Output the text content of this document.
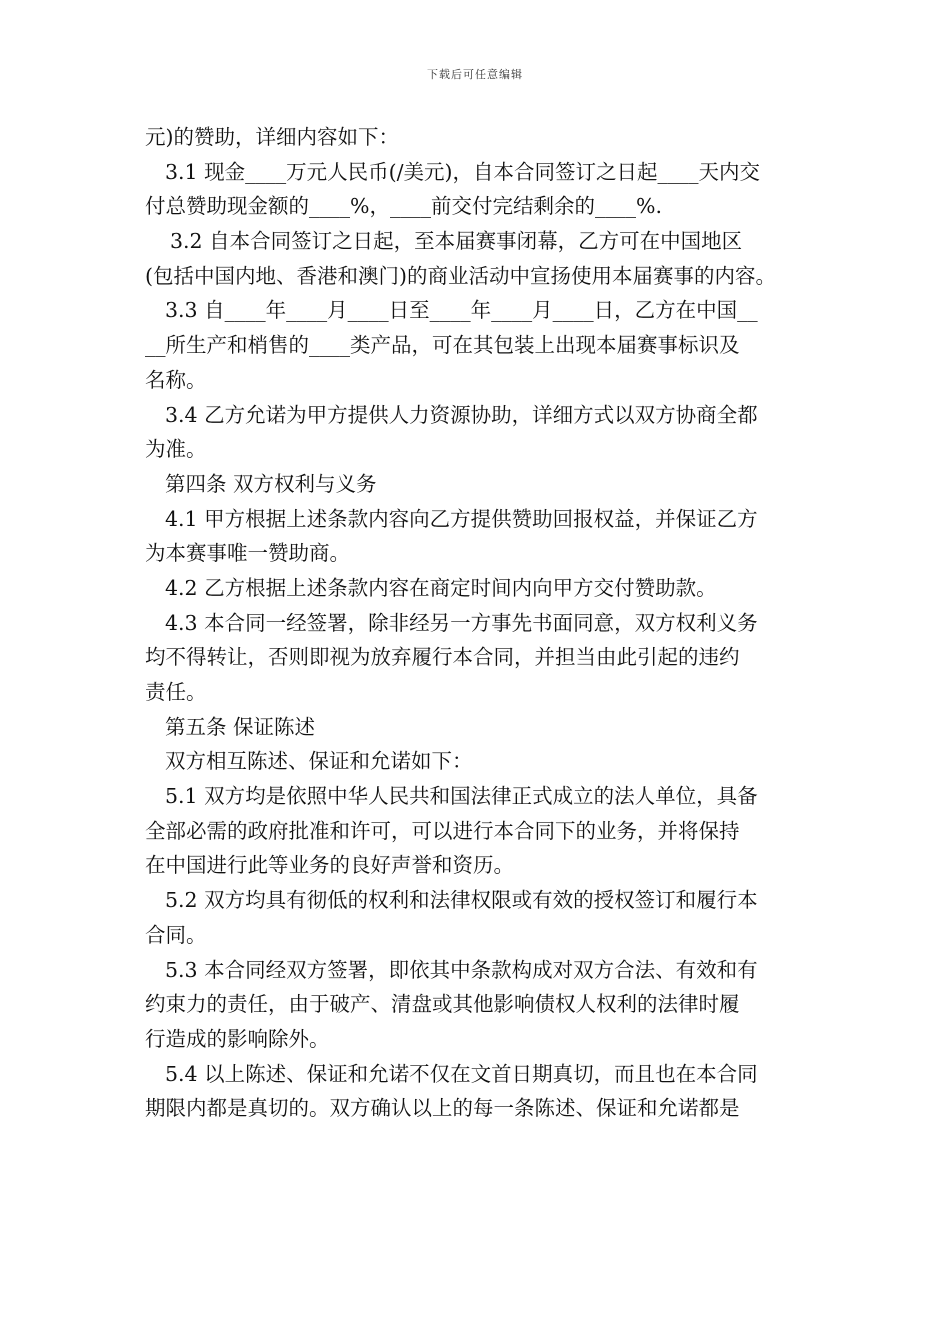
下载后可任意编辑
元)的赞助，详细内容如下：
3.1 现金____万元人民币(/美元)，自本合同签订之日起____天内交
付总赞助现金额的____%，____前交付完结剩余的____%.
3.2 自本合同签订之日起，至本届赛事闭幕，乙方可在中国地区
(包括中国内地、香港和澳门)的商业活动中宣扬使用本届赛事的内容。
3.3 自____年____月____日至____年____月____日，乙方在中国__
__所生产和梢售的____类产品，可在其包装上出现本届赛事标识及
名称。
3.4 乙方允诺为甲方提供人力资源协助，详细方式以双方协商全都
为准。
第四条 双方权利与义务
4.1 甲方根据上述条款内容向乙方提供赞助回报权益，并保证乙方
为本赛事唯一赞助商。
4.2 乙方根据上述条款内容在商定时间内向甲方交付赞助款。
4.3 本合同一经签署，除非经另一方事先书面同意，双方权利义务
均不得转让，否则即视为放弃履行本合同，并担当由此引起的违约
责任。
第五条 保证陈述
双方相互陈述、保证和允诺如下：
5.1 双方均是依照中华人民共和国法律正式成立的法人单位，具备
全部必需的政府批准和许可，可以进行本合同下的业务，并将保持
在中国进行此等业务的良好声誉和资历。
5.2 双方均具有彻低的权利和法律权限或有效的授权签订和履行本
合同。
5.3 本合同经双方签署，即依其中条款构成对双方合法、有效和有
约束力的责任，由于破产、清盘或其他影响债权人权利的法律时履
行造成的影响除外。
5.4 以上陈述、保证和允诺不仅在文首日期真切，而且也在本合同
期限内都是真切的。双方确认以上的每一条陈述、保证和允诺都是
